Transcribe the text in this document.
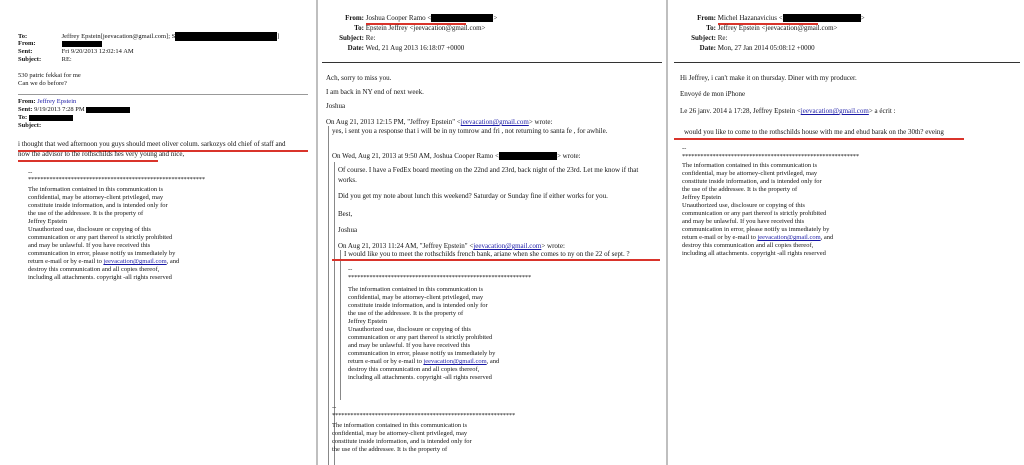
To:	Jeffrey Epstein[jeevacation@gmail.com]; S	]
From:
Sent:	Fri 9/20/2013 12:02:14 AM
Subject:	RE:
530 patric fekkai for me
Can we do before?
From: Jeffrey Epstein
Sent: 9/19/2013 7:28 PM
To:
Subject:
i thought that wed afternoon you guys should meet oliver colum. sarkozys old chief of staff and
now the advisor to the rothschilds hes very young and nice,
--
**********************************************************
The information contained in this communication is
confidential, may be attorney-client privileged, may
constitute inside information, and is intended only for
the use of the addressee. It is the property of
Jeffrey Epstein
Unauthorized use, disclosure or copying of this
communication or any part thereof is strictly prohibited
and may be unlawful. If you have received this
communication in error, please notify us immediately by
return e-mail or by e-mail to jeevacation@gmail.com, and
destroy this communication and all copies thereof,
including all attachments. copyright -all rights reserved
From: Joshua Cooper Ramo <	>
To: Epstein Jeffrey <jeevacation@gmail.com>
Subject: Re:
Date: Wed, 21 Aug 2013 16:18:07 +0000
Ach, sorry to miss you.
I am back in NY end of next week.
Joshua
On Aug 21, 2013 12:15 PM, "Jeffrey Epstein" <jeevacation@gmail.com> wrote:
yes, i sent you a response that i will be in ny tomrow and fri , not returning to santa fe , for awhile.
On Wed, Aug 21, 2013 at 9:50 AM, Joshua Cooper Ramo <	> wrote:
Of course. I have a FedEx board meeting on the 22nd and 23rd, back night of the 23rd. Let me know if that
works.
Did you get my note about lunch this weekend? Saturday or Sunday fine if either works for you.
Best,
Joshua
On Aug 21, 2013 11:24 AM, "Jeffrey Epstein" <jeevacation@gmail.com> wrote:
I would like you to meet the rothschilds french bank, ariane when she comes to ny on the 22 of sept. ?
--
************************************************************
The information contained in this communication is
confidential, may be attorney-client privileged, may
constitute inside information, and is intended only for
the use of the addressee. It is the property of
Jeffrey Epstein
Unauthorized use, disclosure or copying of this
communication or any part thereof is strictly prohibited
and may be unlawful. If you have received this
communication in error, please notify us immediately by
return e-mail or by e-mail to jeevacation@gmail.com, and
destroy this communication and all copies thereof,
including all attachments. copyright -all rights reserved
--
************************************************************
The information contained in this communication is
confidential, may be attorney-client privileged, may
constitute inside information, and is intended only for
the use of the addressee. It is the property of
From: Michel Hazanavicius <	>
To: Jeffrey Epstein <jeevacation@gmail.com>
Subject: Re:
Date: Mon, 27 Jan 2014 05:08:12 +0000
Hi Jeffrey, i can't make it on thursday. Diner with my producer.
Envoyé de mon iPhone
Le 26 janv. 2014 à 17:28, Jeffrey Epstein <jeevacation@gmail.com> a écrit :
would you like to come to the rothschilds house with me and ehud barak on the 30th? eveing
--
**********************************************************
The information contained in this communication is
confidential, may be attorney-client privileged, may
constitute inside information, and is intended only for
the use of the addressee. It is the property of
Jeffrey Epstein
Unauthorized use, disclosure or copying of this
communication or any part thereof is strictly prohibited
and may be unlawful. If you have received this
communication in error, please notify us immediately by
return e-mail or by e-mail to jeevacation@gmail.com, and
destroy this communication and all copies thereof,
including all attachments. copyright -all rights reserved
